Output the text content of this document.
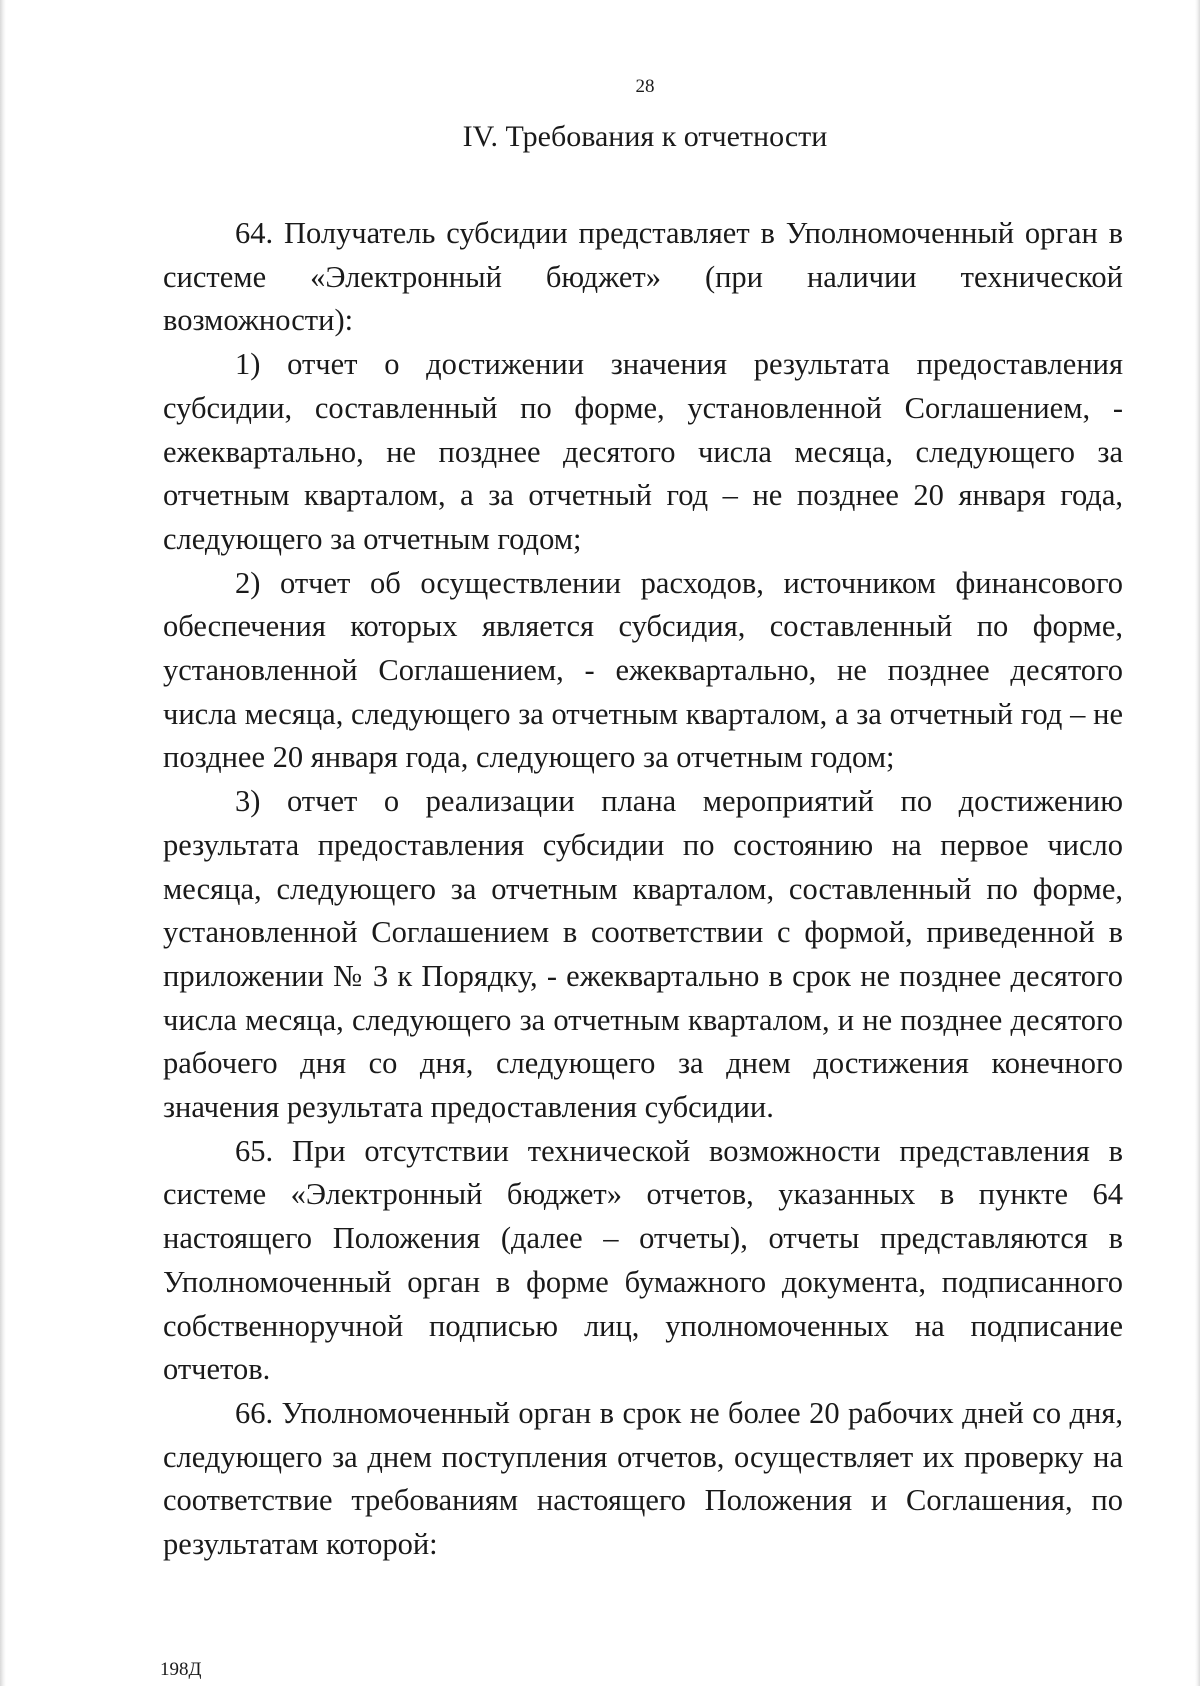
28
IV. Требования к отчетности

64. Получатель субсидии представляет в Уполномоченный орган в системе «Электронный бюджет» (при наличии технической возможности):

1) отчет о достижении значения результата предоставления субсидии, составленный по форме, установленной Соглашением, - ежеквартально, не позднее десятого числа месяца, следующего за отчетным кварталом, а за отчетный год – не позднее 20 января года, следующего за отчетным годом;

2) отчет об осуществлении расходов, источником финансового обеспечения которых является субсидия, составленный по форме, установленной Соглашением, - ежеквартально, не позднее десятого числа месяца, следующего за отчетным кварталом, а за отчетный год – не позднее 20 января года, следующего за отчетным годом;

3) отчет о реализации плана мероприятий по достижению результата предоставления субсидии по состоянию на первое число месяца, следующего за отчетным кварталом, составленный по форме, установленной Соглашением в соответствии с формой, приведенной в приложении № 3 к Порядку, - ежеквартально в срок не позднее десятого числа месяца, следующего за отчетным кварталом, и не позднее десятого рабочего дня со дня, следующего за днем достижения конечного значения результата предоставления субсидии.

65. При отсутствии технической возможности представления в системе «Электронный бюджет» отчетов, указанных в пункте 64 настоящего Положения (далее – отчеты), отчеты представляются в Уполномоченный орган в форме бумажного документа, подписанного собственноручной подписью лиц, уполномоченных на подписание отчетов.

66. Уполномоченный орган в срок не более 20 рабочих дней со дня, следующего за днем поступления отчетов, осуществляет их проверку на соответствие требованиям настоящего Положения и Соглашения, по результатам которой:

198Д
